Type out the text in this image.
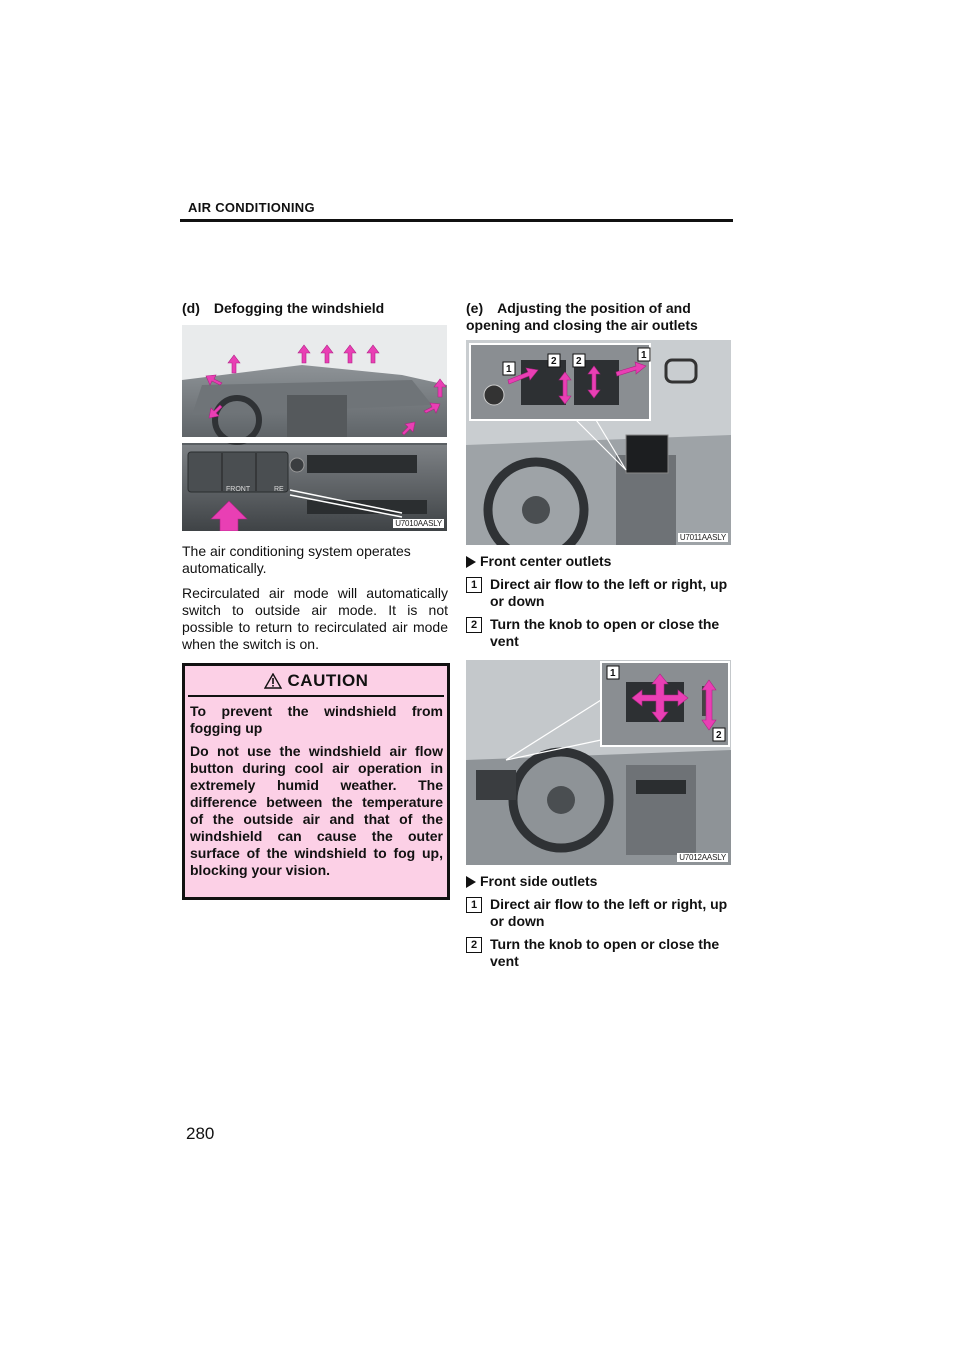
AIR CONDITIONING
(d) Defogging the windshield
FRONT	RE
U7010AASLY

The air conditioning system operates automatically.

Recirculated air mode will automatically switch to outside air mode. It is not possible to return to recirculated air mode when the switch is on.

CAUTION

To prevent the windshield from fogging up

Do not use the windshield air flow button during cool air operation in extremely humid weather. The difference between the temperature of the outside air and that of the windshield can cause the outer surface of the windshield to fog up, blocking your vision.

(e) Adjusting the position of and opening and closing the air outlets
1
2 2
1
U7011AASLY
Front center outlets
1 Direct air flow to the left or right, up or down
2 Turn the knob to open or close the vent
1
2
U7012AASLY
Front side outlets
1 Direct air flow to the left or right, up or down
2 Turn the knob to open or close the vent
280
